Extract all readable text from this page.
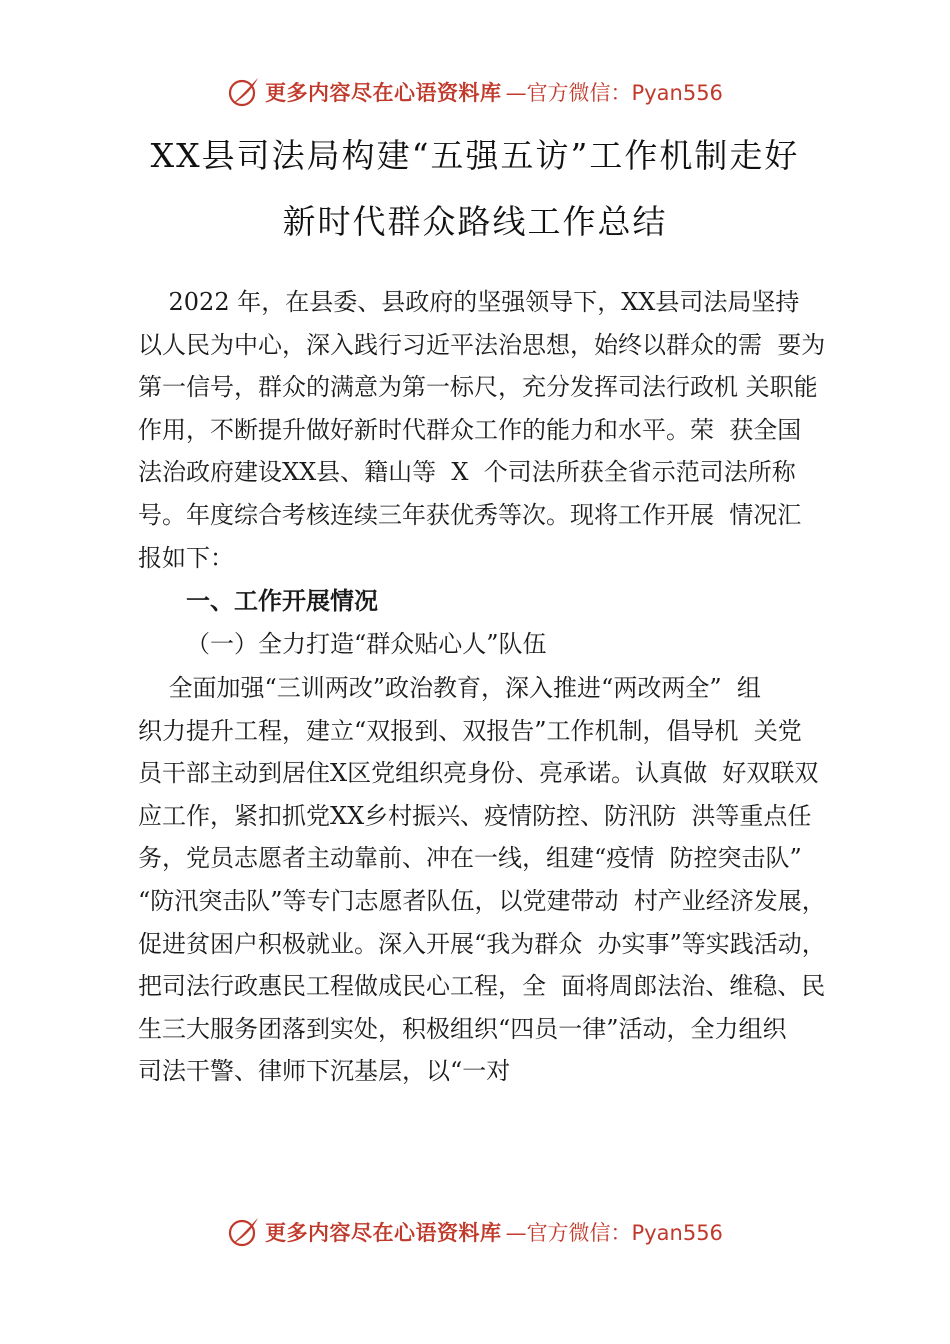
更多内容尽在心语资料库 —官方微信：Pyan556
XX县司法局构建“五强五访”工作机制走好
新时代群众路线工作总结
2022 年，在县委、县政府的坚强领导下，XX县司法局坚持
以人民为中心，深入践行习近平法治思想，始终以群众的需  要为
第一信号，群众的满意为第一标尺，充分发挥司法行政机 关职能
作用，不断提升做好新时代群众工作的能力和水平。荣  获全国
法治政府建设XX县、籍山等  X  个司法所获全省示范司法所称
号。年度综合考核连续三年获优秀等次。现将工作开展  情况汇
报如下：
一、工作开展情况
（一）全力打造“群众贴心人”队伍
全面加强“三训两改”政治教育，深入推进“两改两全”  组
织力提升工程，建立“双报到、双报告”工作机制，倡导机  关党
员干部主动到居住X区党组织亮身份、亮承诺。认真做  好双联双
应工作，紧扣抓党XX乡村振兴、疫情防控、防汛防  洪等重点任
务，党员志愿者主动靠前、冲在一线，组建“疫情  防控突击队”
“防汛突击队”等专门志愿者队伍，以党建带动  村产业经济发展，
促进贫困户积极就业。深入开展“我为群众  办实事”等实践活动，
把司法行政惠民工程做成民心工程，全  面将周郎法治、维稳、民
生三大服务团落到实处，积极组织“四员一律”活动，全力组织
司法干警、律师下沉基层，以“一对
更多内容尽在心语资料库 —官方微信：Pyan556
